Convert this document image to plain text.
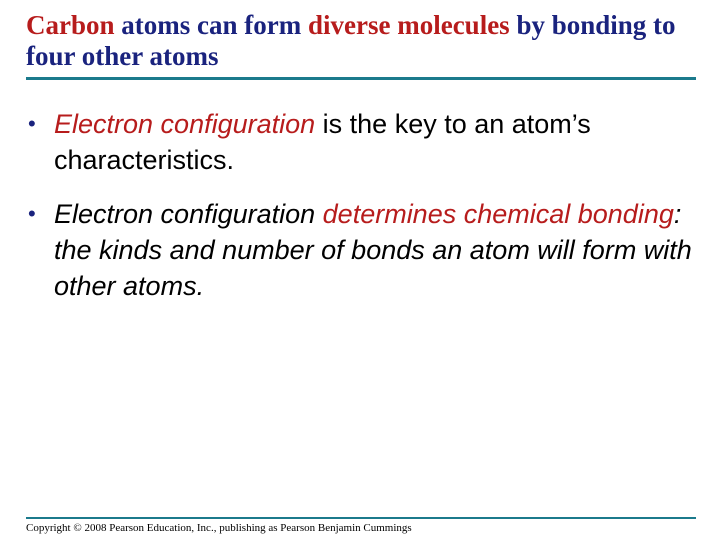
Carbon atoms can form diverse molecules by bonding to four other atoms
• Electron configuration is the key to an atom’s characteristics.
• Electron configuration determines chemical bonding: the kinds and number of bonds an atom will form with other atoms.
Copyright © 2008 Pearson Education, Inc., publishing as Pearson Benjamin Cummings
